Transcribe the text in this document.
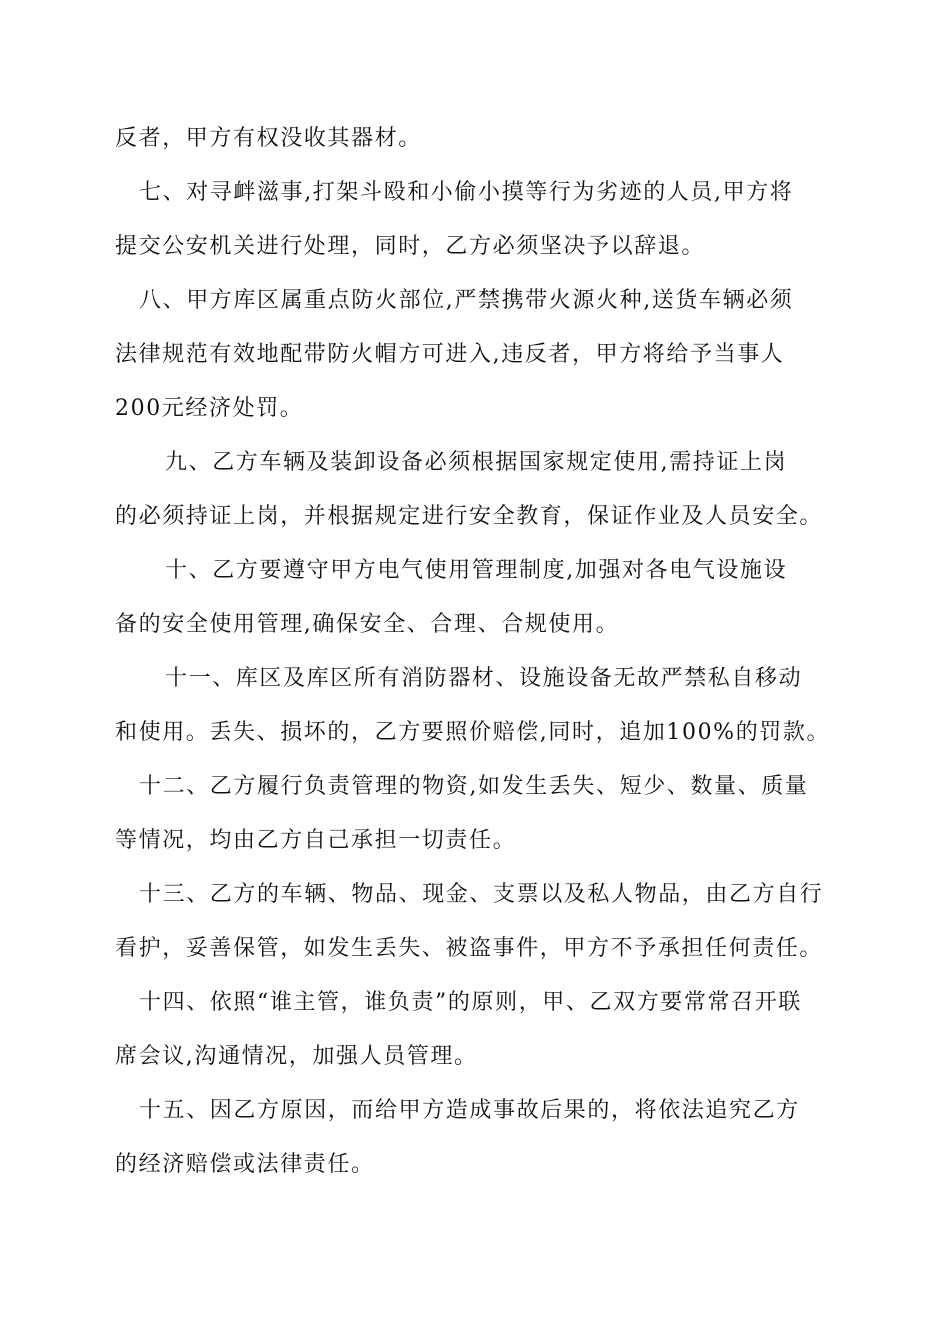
反者，甲方有权没收其器材。

七、对寻衅滋事,打架斗殴和小偷小摸等行为劣迹的人员,甲方将
提交公安机关进行处理，同时，乙方必须坚决予以辞退。

八、甲方库区属重点防火部位,严禁携带火源火种,送货车辆必须
法律规范有效地配带防火帽方可进入,违反者，甲方将给予当事人
200元经济处罚。

九、乙方车辆及装卸设备必须根据国家规定使用,需持证上岗
的必须持证上岗，并根据规定进行安全教育，保证作业及人员安全。

十、乙方要遵守甲方电气使用管理制度,加强对各电气设施设
备的安全使用管理,确保安全、合理、合规使用。

十一、库区及库区所有消防器材、设施设备无故严禁私自移动
和使用。丢失、损坏的，乙方要照价赔偿,同时，追加100%的罚款。

十二、乙方履行负责管理的物资,如发生丢失、短少、数量、质量
等情况，均由乙方自己承担一切责任。

十三、乙方的车辆、物品、现金、支票以及私人物品，由乙方自行
看护，妥善保管，如发生丢失、被盗事件，甲方不予承担任何责任。

十四、依照“谁主管，谁负责”的原则，甲、乙双方要常常召开联
席会议,沟通情况，加强人员管理。

十五、因乙方原因，而给甲方造成事故后果的，将依法追究乙方
的经济赔偿或法律责任。
